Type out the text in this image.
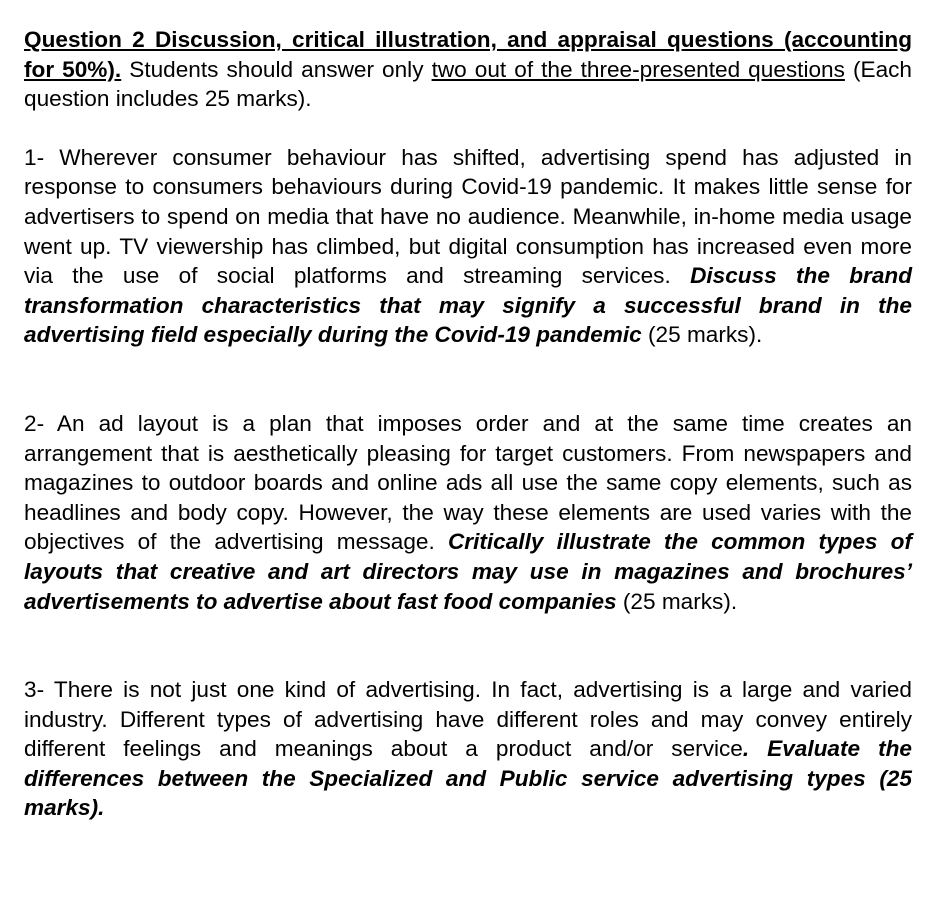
Question 2 Discussion, critical illustration, and appraisal questions (accounting for 50%). Students should answer only two out of the three-presented questions (Each question includes 25 marks).

1- Wherever consumer behaviour has shifted, advertising spend has adjusted in response to consumers behaviours during Covid-19 pandemic. It makes little sense for advertisers to spend on media that have no audience. Meanwhile, in-home media usage went up. TV viewership has climbed, but digital consumption has increased even more via the use of social platforms and streaming services. Discuss the brand transformation characteristics that may signify a successful brand in the advertising field especially during the Covid-19 pandemic (25 marks).

2- An ad layout is a plan that imposes order and at the same time creates an arrangement that is aesthetically pleasing for target customers. From newspapers and magazines to outdoor boards and online ads all use the same copy elements, such as headlines and body copy. However, the way these elements are used varies with the objectives of the advertising message. Critically illustrate the common types of layouts that creative and art directors may use in magazines and brochures’ advertisements to advertise about fast food companies (25 marks).

3- There is not just one kind of advertising. In fact, advertising is a large and varied industry. Different types of advertising have different roles and may convey entirely different feelings and meanings about a product and/or service. Evaluate the differences between the Specialized and Public service advertising types (25 marks).
